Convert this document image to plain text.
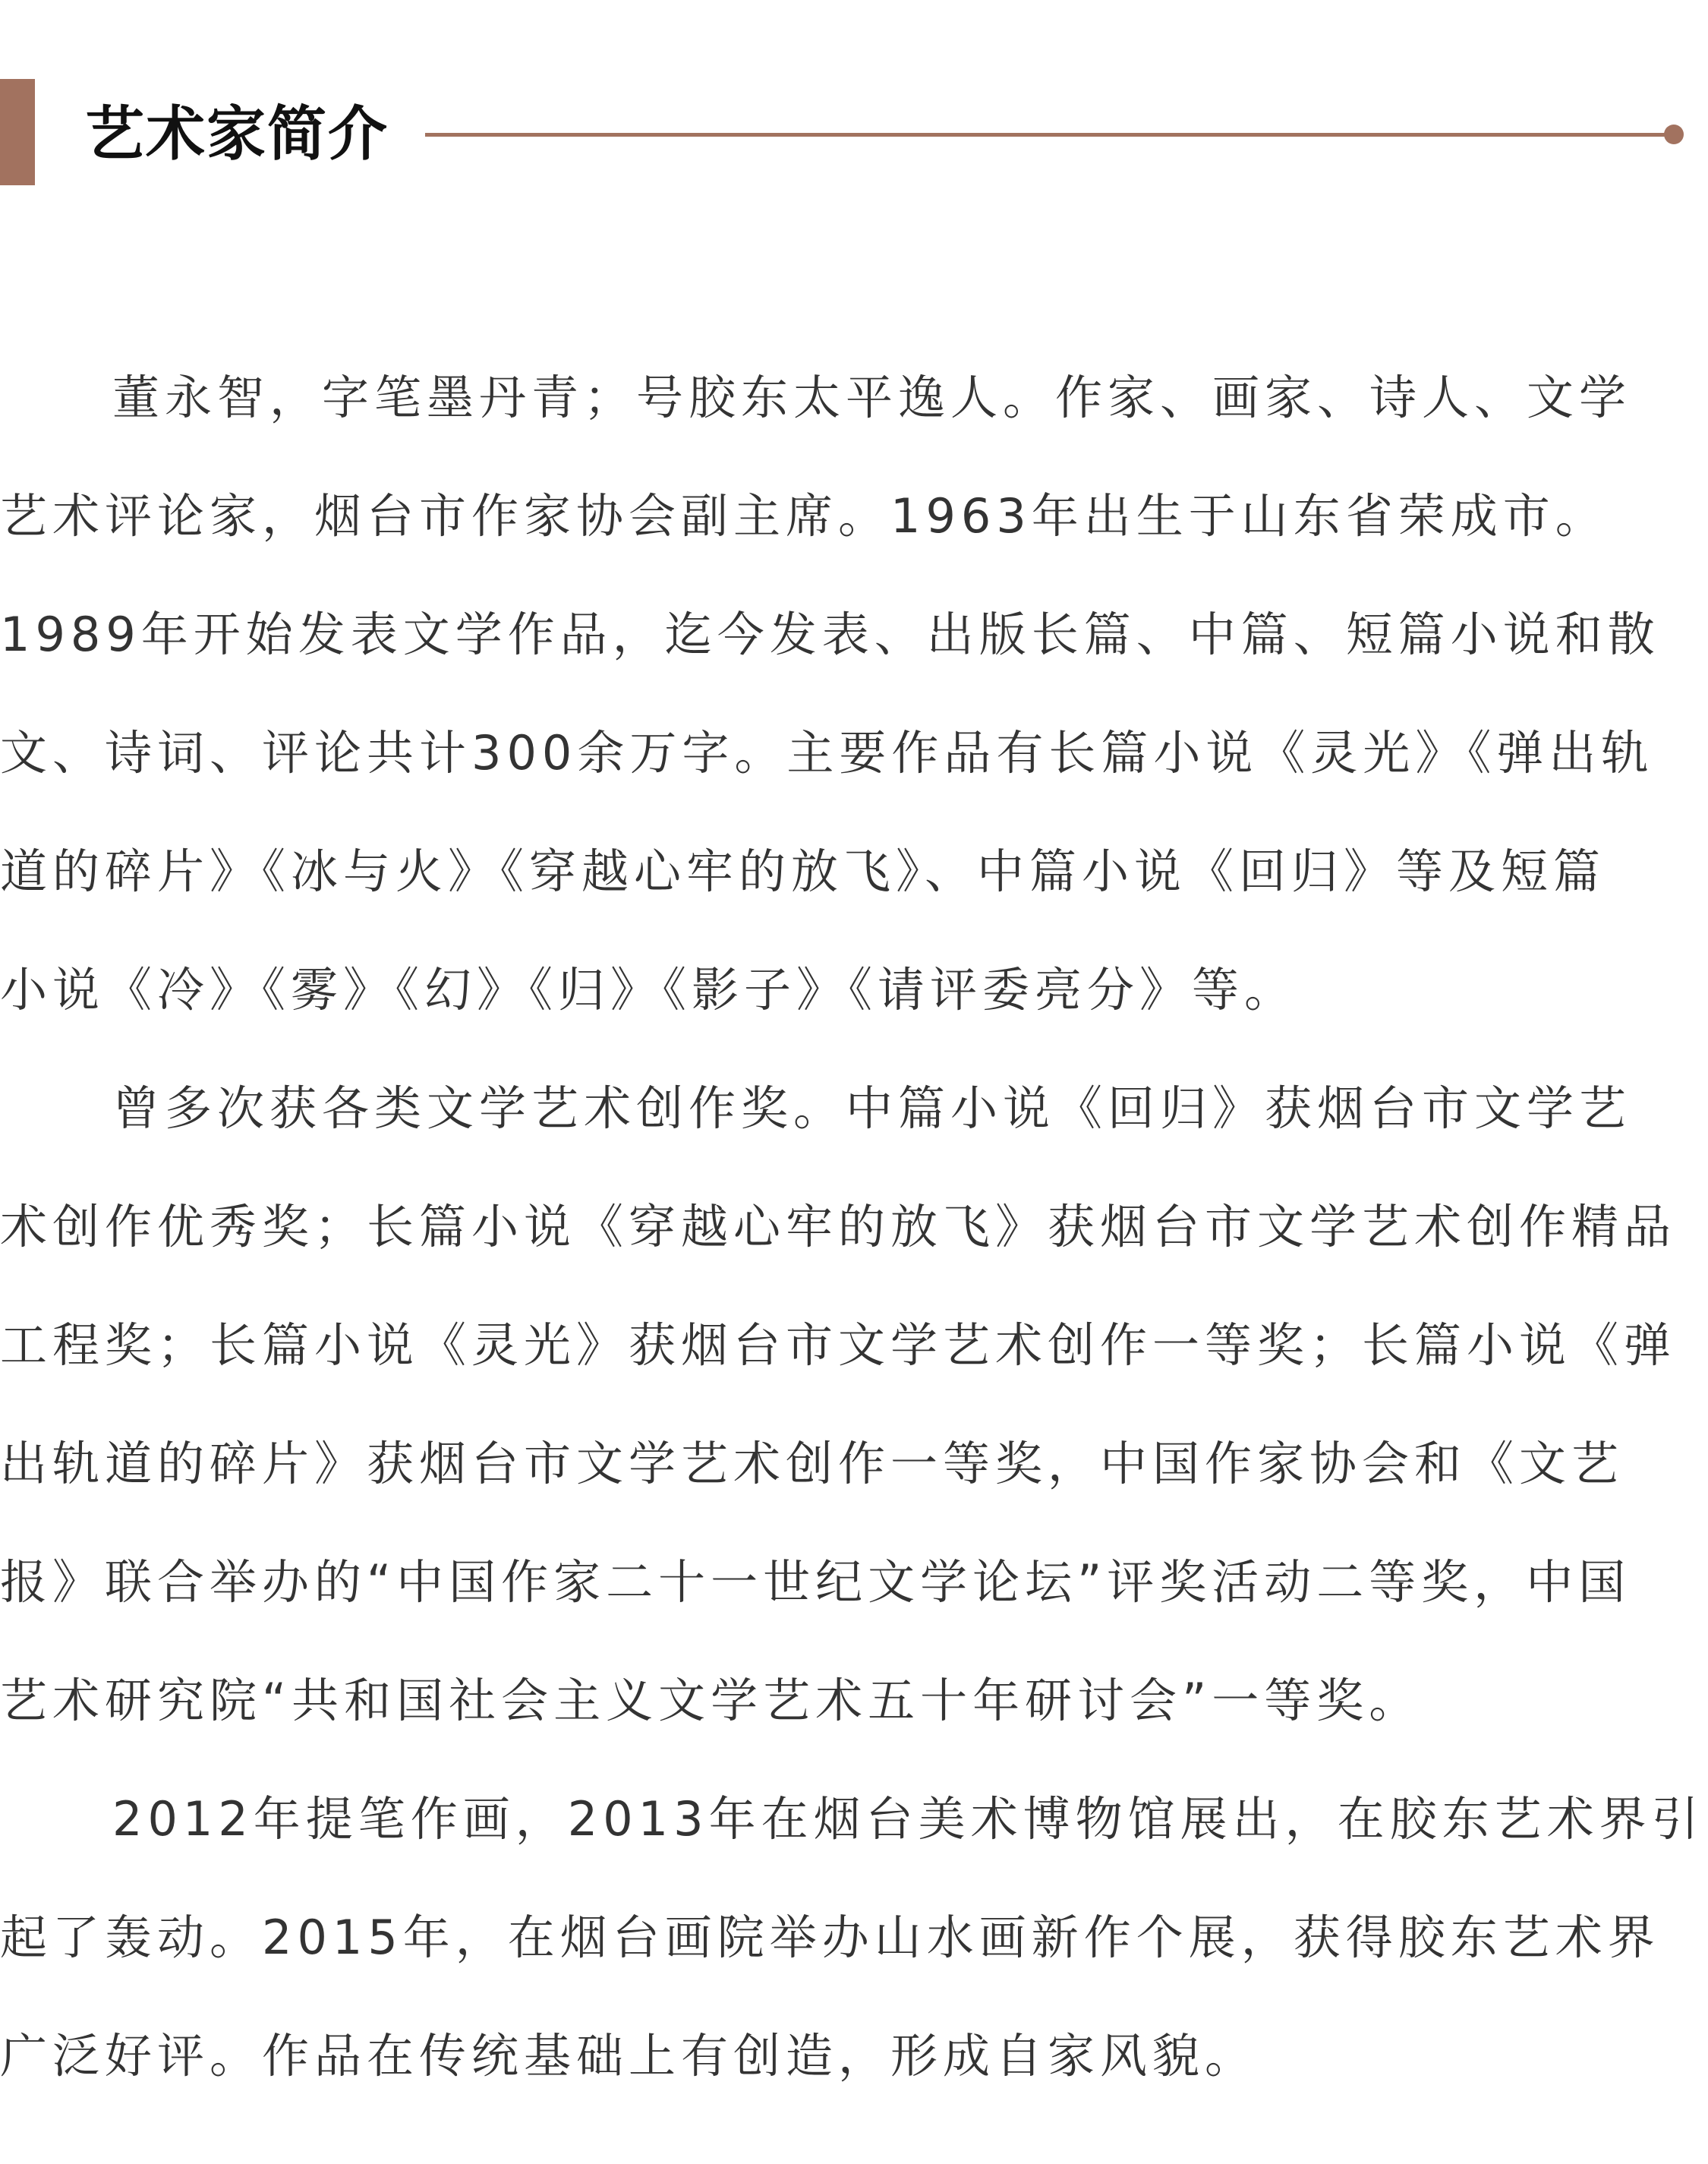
艺术家简介
董永智，字笔墨丹青；号胶东太平逸人。作家、画家、诗人、文学
艺术评论家，烟台市作家协会副主席。1963年出生于山东省荣成市。
1989年开始发表文学作品，迄今发表、出版长篇、中篇、短篇小说和散
文、诗词、评论共计300余万字。主要作品有长篇小说《灵光》《弹出轨
道的碎片》《冰与火》《穿越心牢的放飞》、中篇小说《回归》等及短篇
小说《冷》《雾》《幻》《归》《影子》《请评委亮分》等。
曾多次获各类文学艺术创作奖。中篇小说《回归》获烟台市文学艺
术创作优秀奖；长篇小说《穿越心牢的放飞》获烟台市文学艺术创作精品
工程奖；长篇小说《灵光》获烟台市文学艺术创作一等奖；长篇小说《弹
出轨道的碎片》获烟台市文学艺术创作一等奖，中国作家协会和《文艺
报》联合举办的“中国作家二十一世纪文学论坛”评奖活动二等奖，中国
艺术研究院“共和国社会主义文学艺术五十年研讨会”一等奖。
2012年提笔作画，2013年在烟台美术博物馆展出，在胶东艺术界引
起了轰动。2015年，在烟台画院举办山水画新作个展，获得胶东艺术界
广泛好评。作品在传统基础上有创造，形成自家风貌。
